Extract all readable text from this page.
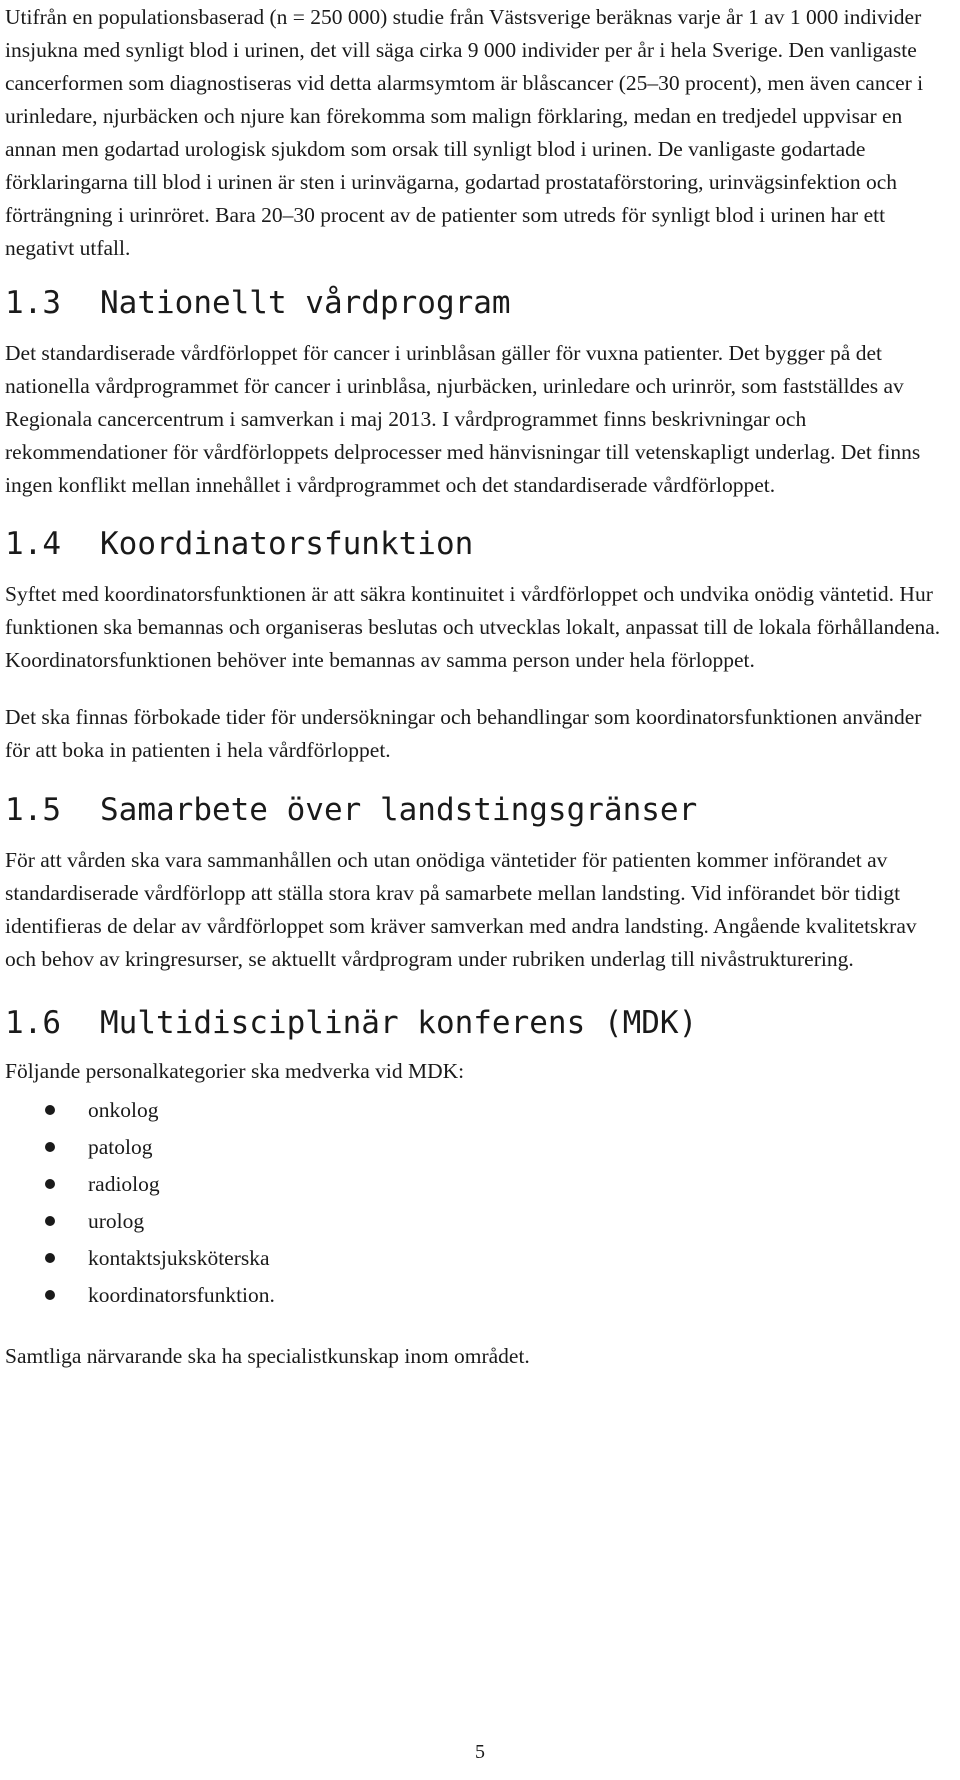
Utifrån en populationsbaserad (n = 250 000) studie från Västsverige beräknas varje år 1 av 1 000 individer insjukna med synligt blod i urinen, det vill säga cirka 9 000 individer per år i hela Sverige. Den vanligaste cancerformen som diagnostiseras vid detta alarmsymtom är blåscancer (25–30 procent), men även cancer i urinledare, njurbäcken och njure kan förekomma som malign förklaring, medan en tredjedel uppvisar en annan men godartad urologisk sjukdom som orsak till synligt blod i urinen. De vanligaste godartade förklaringarna till blod i urinen är sten i urinvägarna, godartad prostataförstoring, urinvägsinfektion och förträngning i urinröret. Bara 20–30 procent av de patienter som utreds för synligt blod i urinen har ett negativt utfall.

1.3	Nationellt vårdprogram

Det standardiserade vårdförloppet för cancer i urinblåsan gäller för vuxna patienter. Det bygger på det nationella vårdprogrammet för cancer i urinblåsa, njurbäcken, urinledare och urinrör, som fastställdes av Regionala cancercentrum i samverkan i maj 2013. I vårdprogrammet finns beskrivningar och rekommendationer för vårdförloppets delprocesser med hänvisningar till vetenskapligt underlag. Det finns ingen konflikt mellan innehållet i vårdprogrammet och det standardiserade vårdförloppet.

1.4	Koordinatorsfunktion

Syftet med koordinatorsfunktionen är att säkra kontinuitet i vårdförloppet och undvika onödig väntetid. Hur funktionen ska bemannas och organiseras beslutas och utvecklas lokalt, anpassat till de lokala förhållandena. Koordinatorsfunktionen behöver inte bemannas av samma person under hela förloppet.

Det ska finnas förbokade tider för undersökningar och behandlingar som koordinatorsfunktionen använder för att boka in patienten i hela vårdförloppet.

1.5	Samarbete över landstingsgränser

För att vården ska vara sammanhållen och utan onödiga väntetider för patienten kommer införandet av standardiserade vårdförlopp att ställa stora krav på samarbete mellan landsting. Vid införandet bör tidigt identifieras de delar av vårdförloppet som kräver samverkan med andra landsting. Angående kvalitetskrav och behov av kringresurser, se aktuellt vårdprogram under rubriken underlag till nivåstrukturering.

1.6	Multidisciplinär konferens (MDK)

Följande personalkategorier ska medverka vid MDK:

onkolog
patolog
radiolog
urolog
kontaktsjuksköterska
koordinatorsfunktion.

Samtliga närvarande ska ha specialistkunskap inom området.

5
